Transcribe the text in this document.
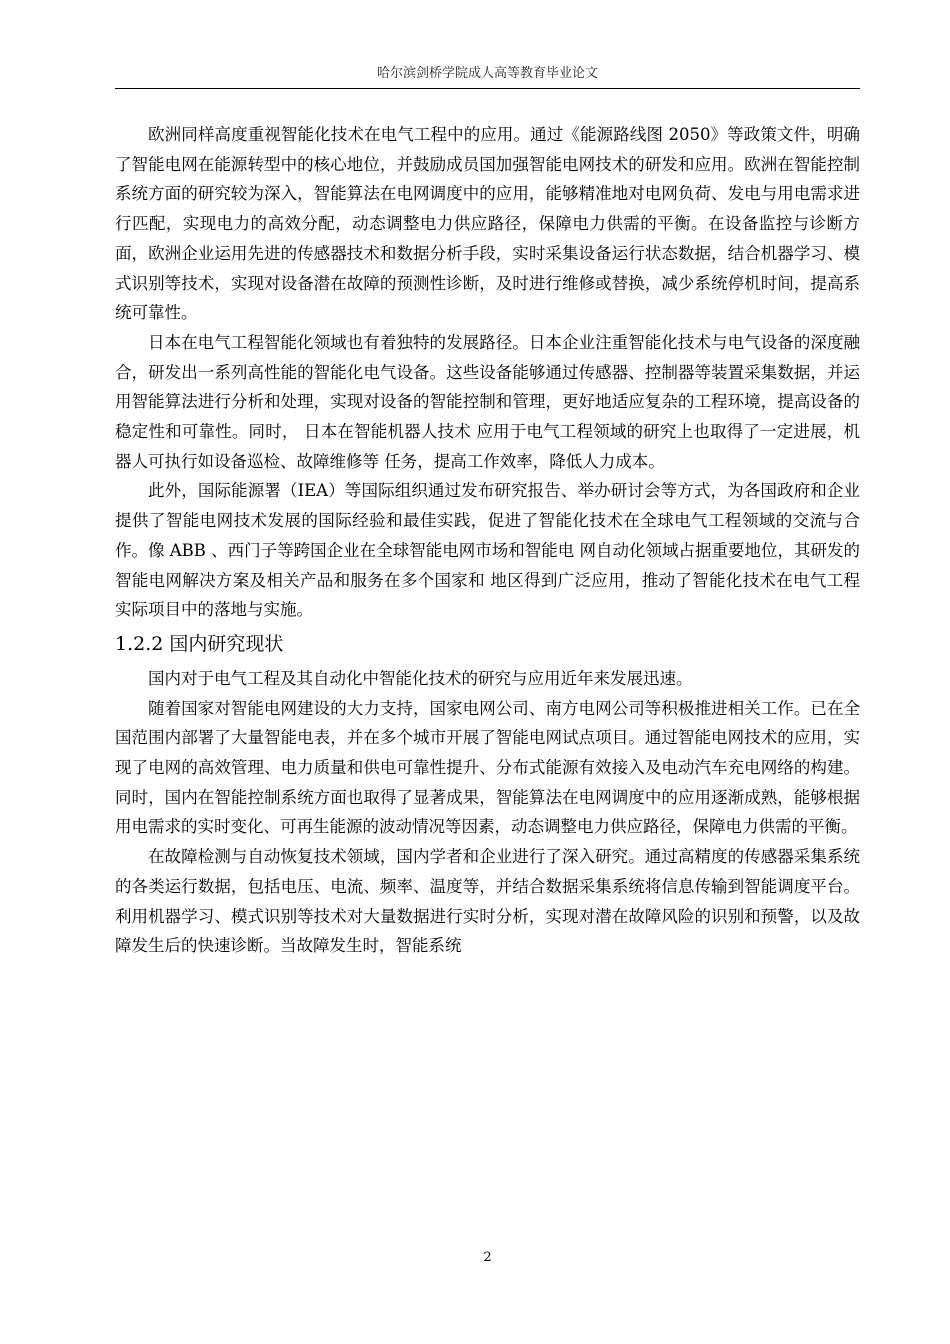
哈尔滨剑桥学院成人高等教育毕业论文

欧洲同样高度重视智能化技术在电气工程中的应用。通过《能源路线图 2050》等政策文件，明确了智能电网在能源转型中的核心地位，并鼓励成员国加强智能电网技术的研发和应用。欧洲在智能控制系统方面的研究较为深入，智能算法在电网调度中的应用，能够精准地对电网负荷、发电与用电需求进行匹配，实现电力的高效分配，动态调整电力供应路径，保障电力供需的平衡。在设备监控与诊断方面，欧洲企业运用先进的传感器技术和数据分析手段，实时采集设备运行状态数据，结合机器学习、模式识别等技术，实现对设备潜在故障的预测性诊断，及时进行维修或替换，减少系统停机时间，提高系统可靠性。

日本在电气工程智能化领域也有着独特的发展路径。日本企业注重智能化技术与电气设备的深度融合，研发出一系列高性能的智能化电气设备。这些设备能够通过传感器、控制器等装置采集数据，并运用智能算法进行分析和处理，实现对设备的智能控制和管理，更好地适应复杂的工程环境，提高设备的稳定性和可靠性。同时， 日本在智能机器人技术 应用于电气工程领域的研究上也取得了一定进展，机器人可执行如设备巡检、故障维修等 任务，提高工作效率，降低人力成本。

此外，国际能源署（IEA）等国际组织通过发布研究报告、举办研讨会等方式，为各国政府和企业提供了智能电网技术发展的国际经验和最佳实践，促进了智能化技术在全球电气工程领域的交流与合作。像 ABB 、西门子等跨国企业在全球智能电网市场和智能电 网自动化领域占据重要地位，其研发的智能电网解决方案及相关产品和服务在多个国家和 地区得到广泛应用，推动了智能化技术在电气工程实际项目中的落地与实施。

1.2.2 国内研究现状

国内对于电气工程及其自动化中智能化技术的研究与应用近年来发展迅速。

随着国家对智能电网建设的大力支持，国家电网公司、南方电网公司等积极推进相关工作。已在全国范围内部署了大量智能电表，并在多个城市开展了智能电网试点项目。通过智能电网技术的应用，实现了电网的高效管理、电力质量和供电可靠性提升、分布式能源有效接入及电动汽车充电网络的构建。同时，国内在智能控制系统方面也取得了显著成果，智能算法在电网调度中的应用逐渐成熟，能够根据用电需求的实时变化、可再生能源的波动情况等因素，动态调整电力供应路径，保障电力供需的平衡。

在故障检测与自动恢复技术领域，国内学者和企业进行了深入研究。通过高精度的传感器采集系统的各类运行数据，包括电压、电流、频率、温度等，并结合数据采集系统将信息传输到智能调度平台。利用机器学习、模式识别等技术对大量数据进行实时分析，实现对潜在故障风险的识别和预警，以及故障发生后的快速诊断。当故障发生时，智能系统

2
